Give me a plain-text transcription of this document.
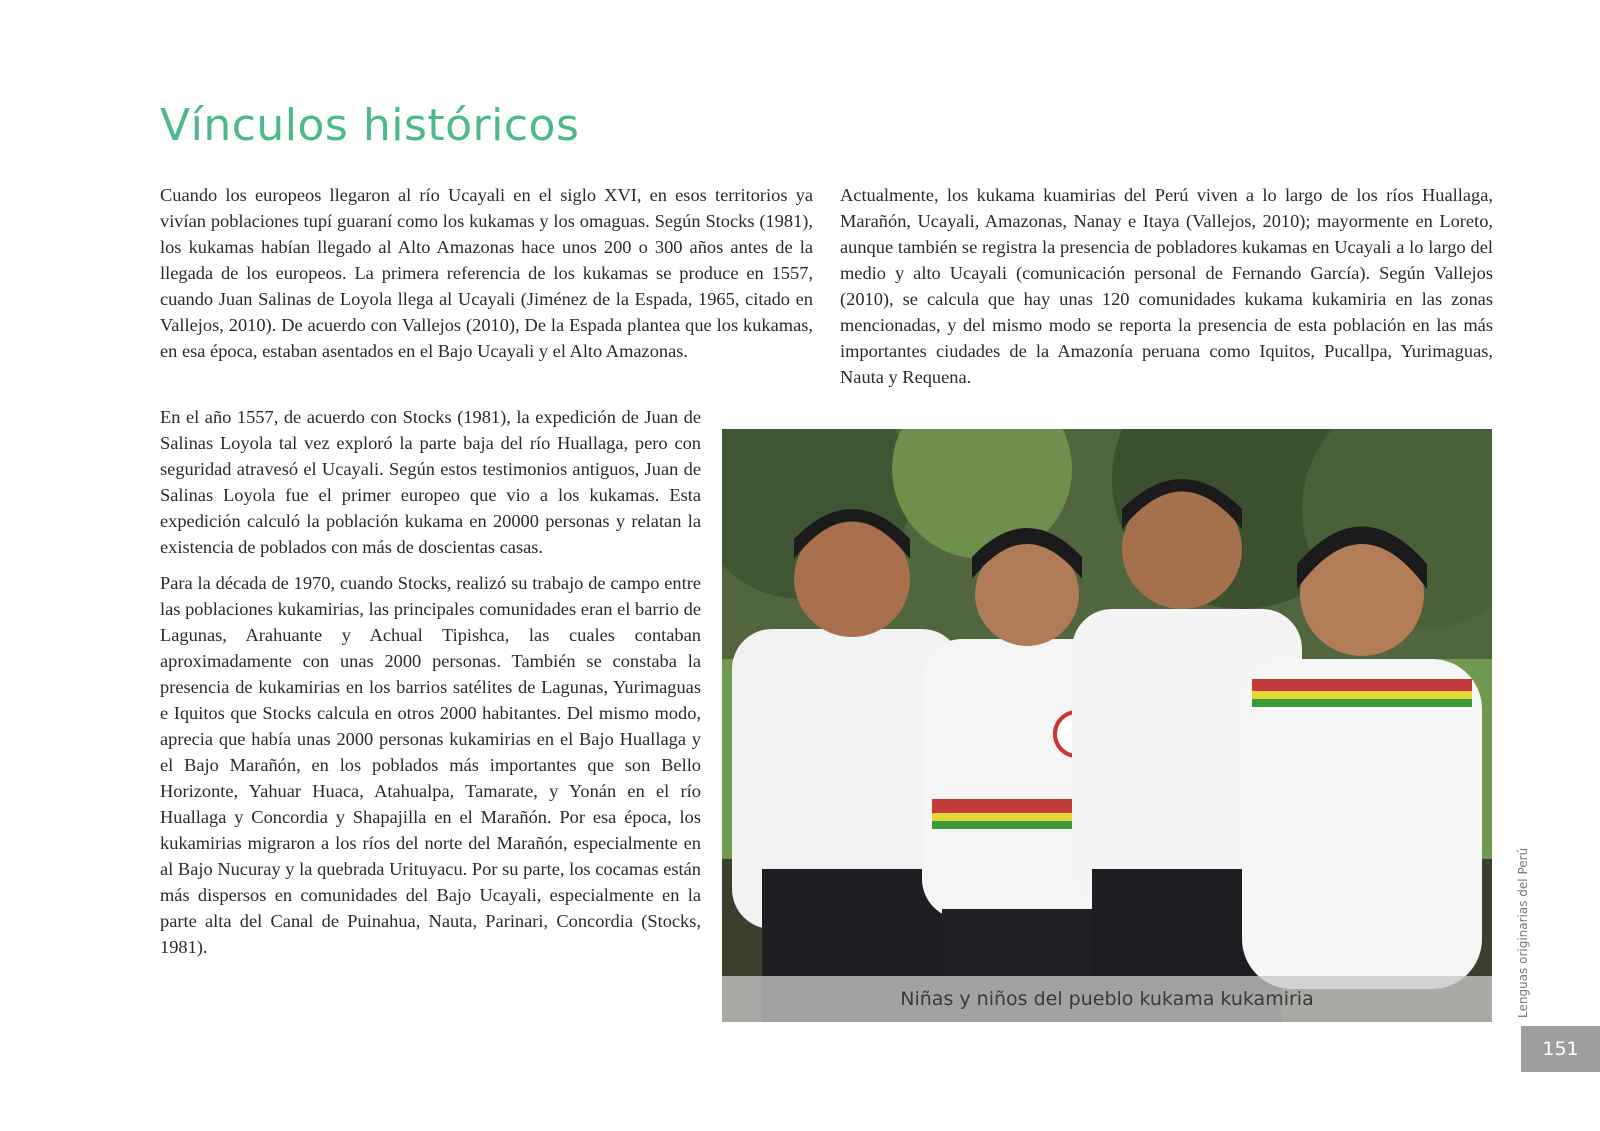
Vínculos históricos

Cuando los europeos llegaron al río Ucayali en el siglo XVI, en esos territorios ya vivían poblaciones tupí guaraní como los kukamas y los omaguas. Según Stocks (1981), los kukamas habían llegado al Alto Amazonas hace unos 200 o 300 años antes de la llegada de los europeos. La primera referencia de los kukamas se produce en 1557, cuando Juan Salinas de Loyola llega al Ucayali (Jiménez de la Espada, 1965, citado en Vallejos, 2010). De acuerdo con Vallejos (2010), De la Espada plantea que los kukamas, en esa época, estaban asentados en el Bajo Ucayali y el Alto Amazonas.

Actualmente, los kukama kuamirias del Perú viven a lo largo de los ríos Huallaga, Marañón, Ucayali, Amazonas, Nanay e Itaya (Vallejos, 2010); mayormente en Loreto, aunque también se registra la presencia de pobladores kukamas en Ucayali a lo largo del medio y alto Ucayali (comunicación personal de Fernando García). Según Vallejos (2010), se calcula que hay unas 120 comunidades kukama kukamiria en las zonas mencionadas, y del mismo modo se reporta la presencia de esta población en las más importantes ciudades de la Amazonía peruana como Iquitos, Pucallpa, Yurimaguas, Nauta y Requena.

En el año 1557, de acuerdo con Stocks (1981), la expedición de Juan de Salinas Loyola tal vez exploró la parte baja del río Huallaga, pero con seguridad atravesó el Ucayali. Según estos testimonios antiguos, Juan de Salinas Loyola fue el primer europeo que vio a los kukamas. Esta expedición calculó la población kukama en 20000 personas y relatan la existencia de poblados con más de doscientas casas.

Para la década de 1970, cuando Stocks, realizó su trabajo de campo entre las poblaciones kukamirias, las principales comunidades eran el barrio de Lagunas, Arahuante y Achual Tipishca, las cuales contaban aproximadamente con unas 2000 personas. También se constaba la presencia de kukamirias en los barrios satélites de Lagunas, Yurimaguas e Iquitos que Stocks calcula en otros 2000 habitantes. Del mismo modo, aprecia que había unas 2000 personas kukamirias en el Bajo Huallaga y el Bajo Marañón, en los poblados más importantes que son Bello Horizonte, Yahuar Huaca, Atahualpa, Tamarate, y Yonán en el río Huallaga y Concordia y Shapajilla en el Marañón. Por esa época, los kukamirias migraron a los ríos del norte del Marañón, especialmente en al Bajo Nucuray y la quebrada Urituyacu. Por su parte, los cocamas están más dispersos en comunidades del Bajo Ucayali, especialmente en la parte alta del Canal de Puinahua, Nauta, Parinari, Concordia (Stocks, 1981).

Niñas y niños del pueblo kukama kukamiria	Lenguas originarias del Perú
151
